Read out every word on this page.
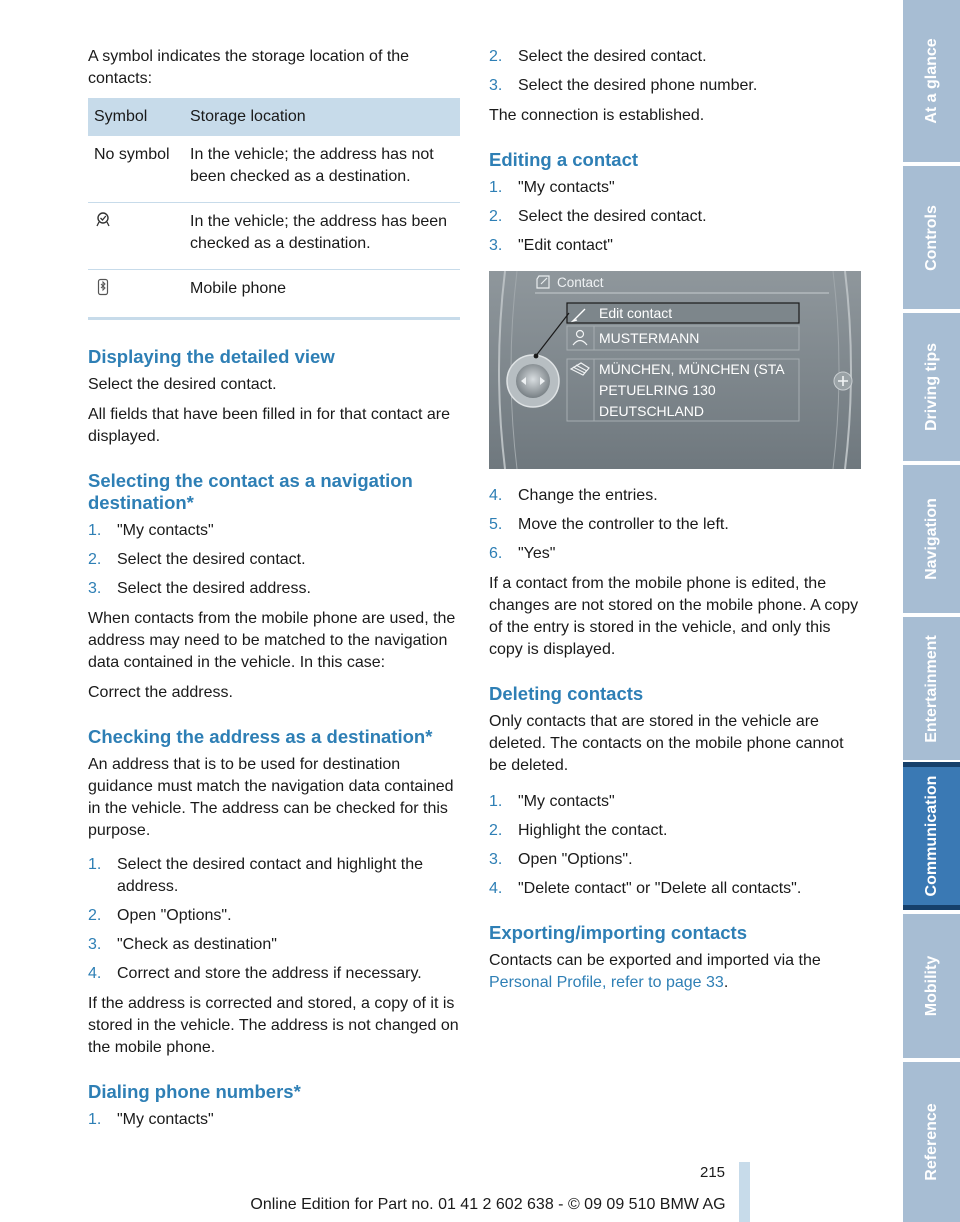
A symbol indicates the storage location of the contacts:

Symbol	Storage location
No symbol	In the vehicle; the address has not been checked as a destination.
	In the vehicle; the address has been checked as a destination.
	Mobile phone
Displaying the detailed view

Select the desired contact.

All fields that have been filled in for that contact are displayed.

Selecting the contact as a navigation destination*
1. "My contacts"
2. Select the desired contact.
3. Select the desired address.

When contacts from the mobile phone are used, the address may need to be matched to the navigation data contained in the vehicle. In this case:

Correct the address.

Checking the address as a destination*

An address that is to be used for destination guidance must match the navigation data contained in the vehicle. The address can be checked for this purpose.

1. Select the desired contact and highlight the address.
2. Open "Options".
3. "Check as destination"
4. Correct and store the address if necessary.

If the address is corrected and stored, a copy of it is stored in the vehicle. The address is not changed on the mobile phone.

Dialing phone numbers*
1. "My contacts"
2. Select the desired contact.
3. Select the desired phone number.

The connection is established.

Editing a contact
1. "My contacts"
2. Select the desired contact.
3. "Edit contact"
Contact
Edit contact
MUSTERMANN
MÜNCHEN, MÜNCHEN (STA
PETUELRING 130
DEUTSCHLAND
4. Change the entries.
5. Move the controller to the left.
6. "Yes"

If a contact from the mobile phone is edited, the changes are not stored on the mobile phone. A copy of the entry is stored in the vehicle, and only this copy is displayed.

Deleting contacts

Only contacts that are stored in the vehicle are deleted. The contacts on the mobile phone cannot be deleted.

1. "My contacts"
2. Highlight the contact.
3. Open "Options".
4. "Delete contact" or "Delete all contacts".
Exporting/importing contacts

Contacts can be exported and imported via the Personal Profile, refer to page 33.

At a glance
Controls
Driving tips
Navigation
Entertainment
Communication
Mobility
Reference
215
Online Edition for Part no. 01 41 2 602 638 - © 09 09 510 BMW AG
